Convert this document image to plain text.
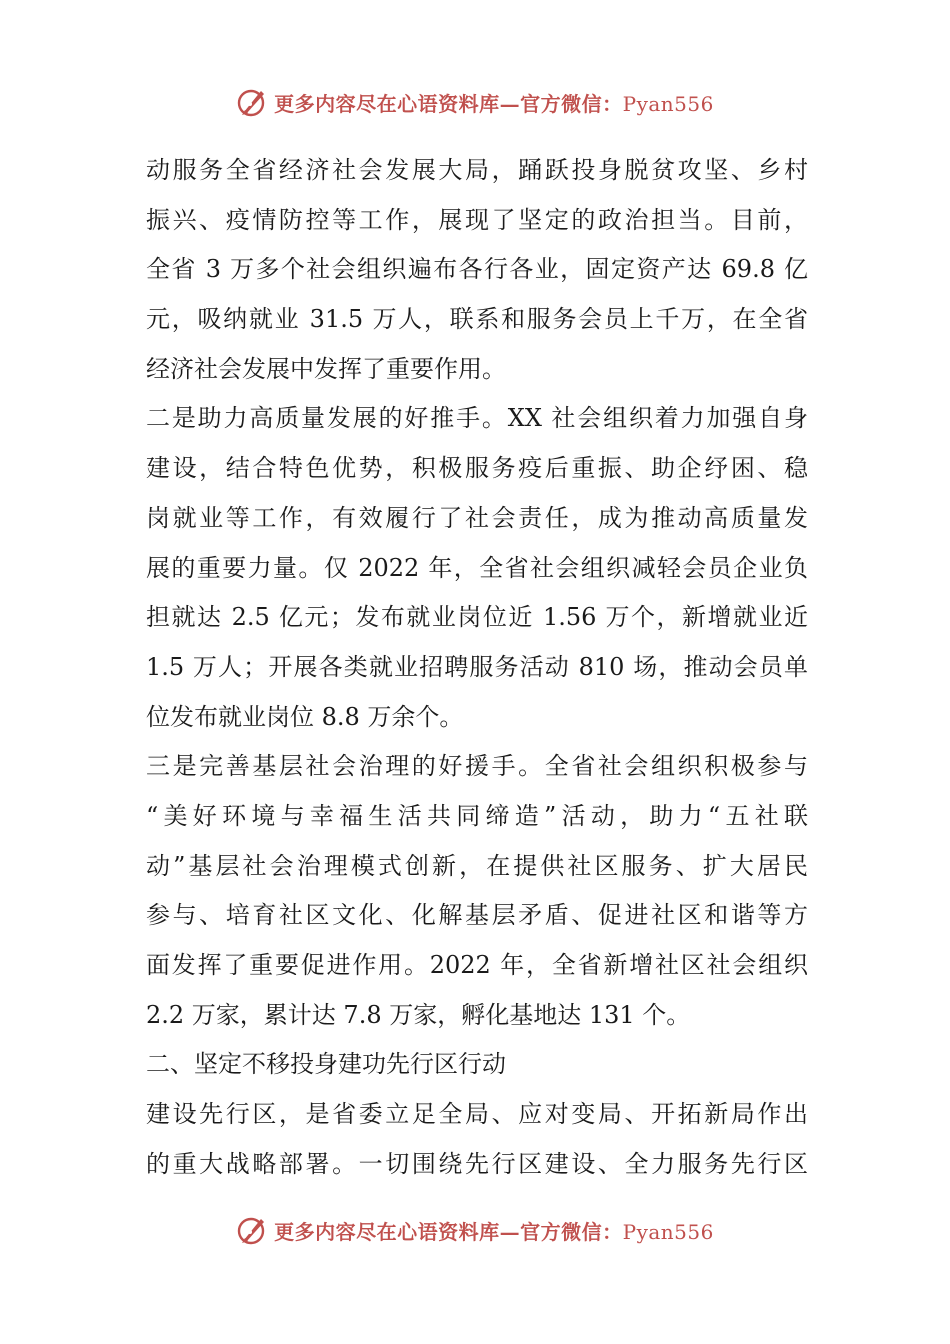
更多内容尽在心语资料库—官方微信：Pyan556
动服务全省经济社会发展大局，踊跃投身脱贫攻坚、乡村
振兴、疫情防控等工作，展现了坚定的政治担当。目前，
全省 3 万多个社会组织遍布各行各业，固定资产达 69.8 亿
元，吸纳就业 31.5 万人，联系和服务会员上千万，在全省
经济社会发展中发挥了重要作用。
二是助力高质量发展的好推手。XX 社会组织着力加强自身
建设，结合特色优势，积极服务疫后重振、助企纾困、稳
岗就业等工作，有效履行了社会责任，成为推动高质量发
展的重要力量。仅 2022 年，全省社会组织减轻会员企业负
担就达 2.5 亿元；发布就业岗位近 1.56 万个，新增就业近
1.5 万人；开展各类就业招聘服务活动 810 场，推动会员单
位发布就业岗位 8.8 万余个。
三是完善基层社会治理的好援手。全省社会组织积极参与
“美好环境与幸福生活共同缔造”活动，助力“五社联
动”基层社会治理模式创新，在提供社区服务、扩大居民
参与、培育社区文化、化解基层矛盾、促进社区和谐等方
面发挥了重要促进作用。2022 年，全省新增社区社会组织
2.2 万家，累计达 7.8 万家，孵化基地达 131 个。
二、坚定不移投身建功先行区行动
建设先行区，是省委立足全局、应对变局、开拓新局作出
的重大战略部署。一切围绕先行区建设、全力服务先行区
更多内容尽在心语资料库—官方微信：Pyan556
